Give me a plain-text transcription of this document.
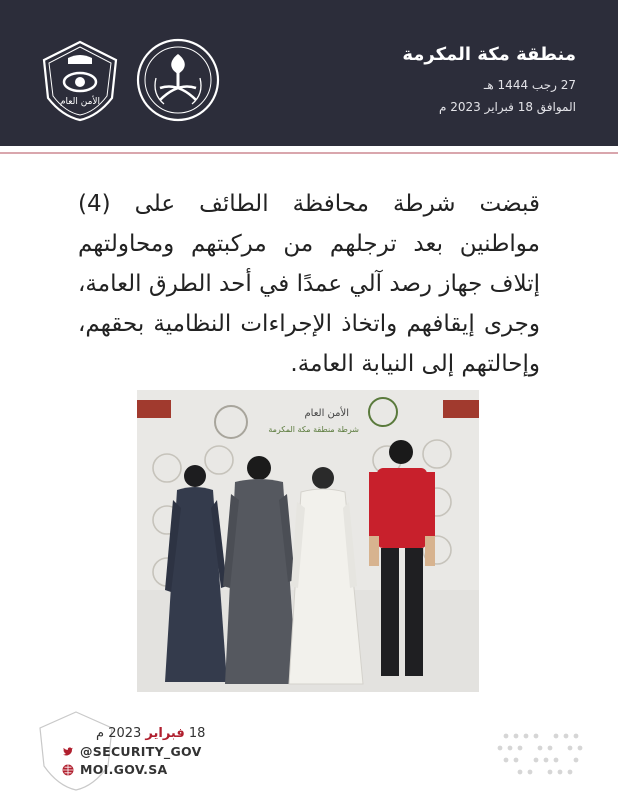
منطقة مكة المكرمة
27 رجب 1444 هـ
الموافق 18 فبراير 2023 م
الأمن العام
قبضت شرطة محافظة الطائف على (4) مواطنين بعد ترجلهم من مركبتهم ومحاولتهم إتلاف جهاز رصد آلي عمدًا في أحد الطرق العامة، وجرى إيقافهم واتخاذ الإجراءات النظامية بحقهم، وإحالتهم إلى النيابة العامة.
الأمن العام
شرطة منطقة مكة المكرمة
18 فبراير 2023 م
@SECURITY_GOV
MOI.GOV.SA
